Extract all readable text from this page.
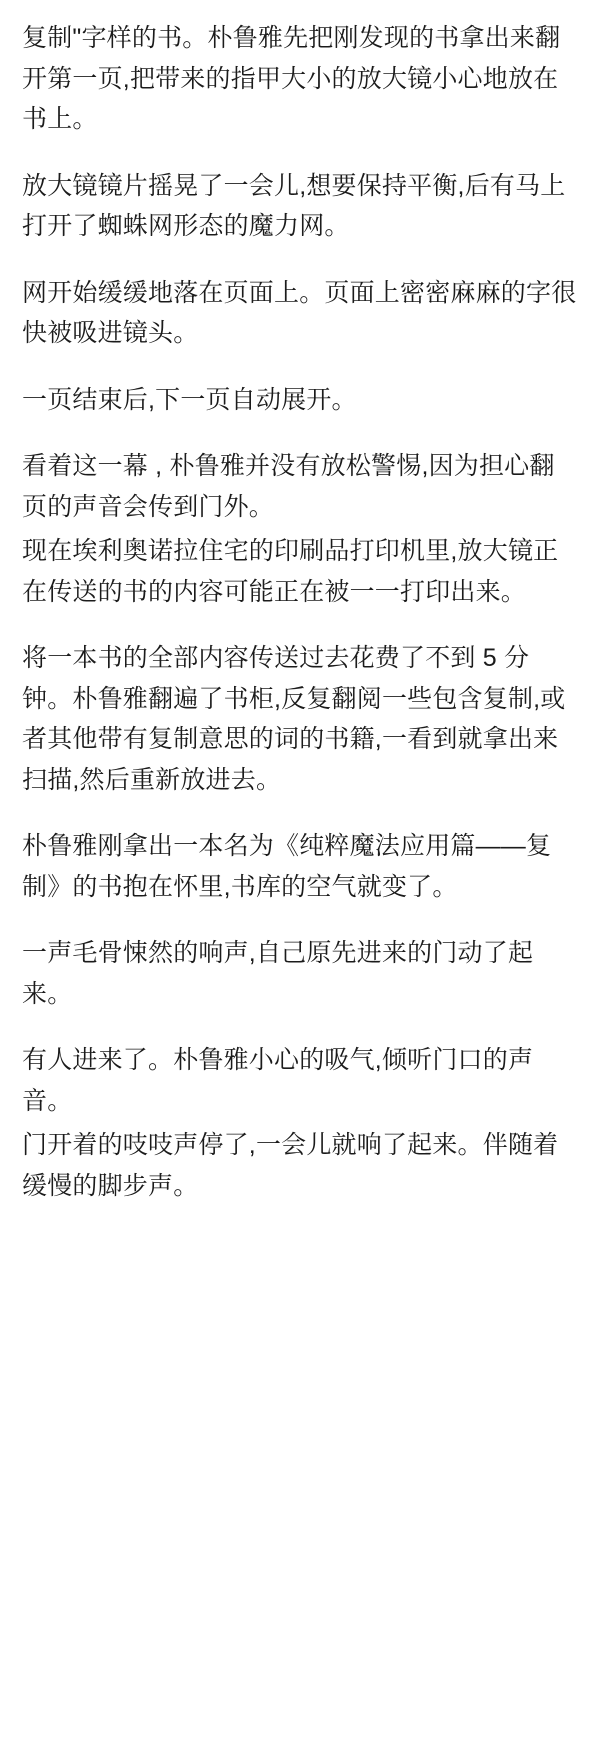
复制"字样的书。朴鲁雅先把刚发现的书拿出来翻开第一页,把带来的指甲大小的放大镜小心地放在书上。

放大镜镜片摇晃了一会儿,想要保持平衡,后有马上打开了蜘蛛网形态的魔力网。

网开始缓缓地落在页面上。页面上密密麻麻的字很快被吸进镜头。

一页结束后,下一页自动展开。

看着这一幕 , 朴鲁雅并没有放松警惕,因为担心翻页的声音会传到门外。

现在埃利奥诺拉住宅的印刷品打印机里,放大镜正在传送的书的内容可能正在被一一打印出来。

将一本书的全部内容传送过去花费了不到 5 分钟。朴鲁雅翻遍了书柜,反复翻阅一些包含复制,或者其他带有复制意思的词的书籍,一看到就拿出来扫描,然后重新放进去。

朴鲁雅刚拿出一本名为《纯粹魔法应用篇——复制》的书抱在怀里,书库的空气就变了。

一声毛骨悚然的响声,自己原先进来的门动了起来。

有人进来了。朴鲁雅小心的吸气,倾听门口的声音。

门开着的吱吱声停了,一会儿就响了起来。伴随着缓慢的脚步声。
